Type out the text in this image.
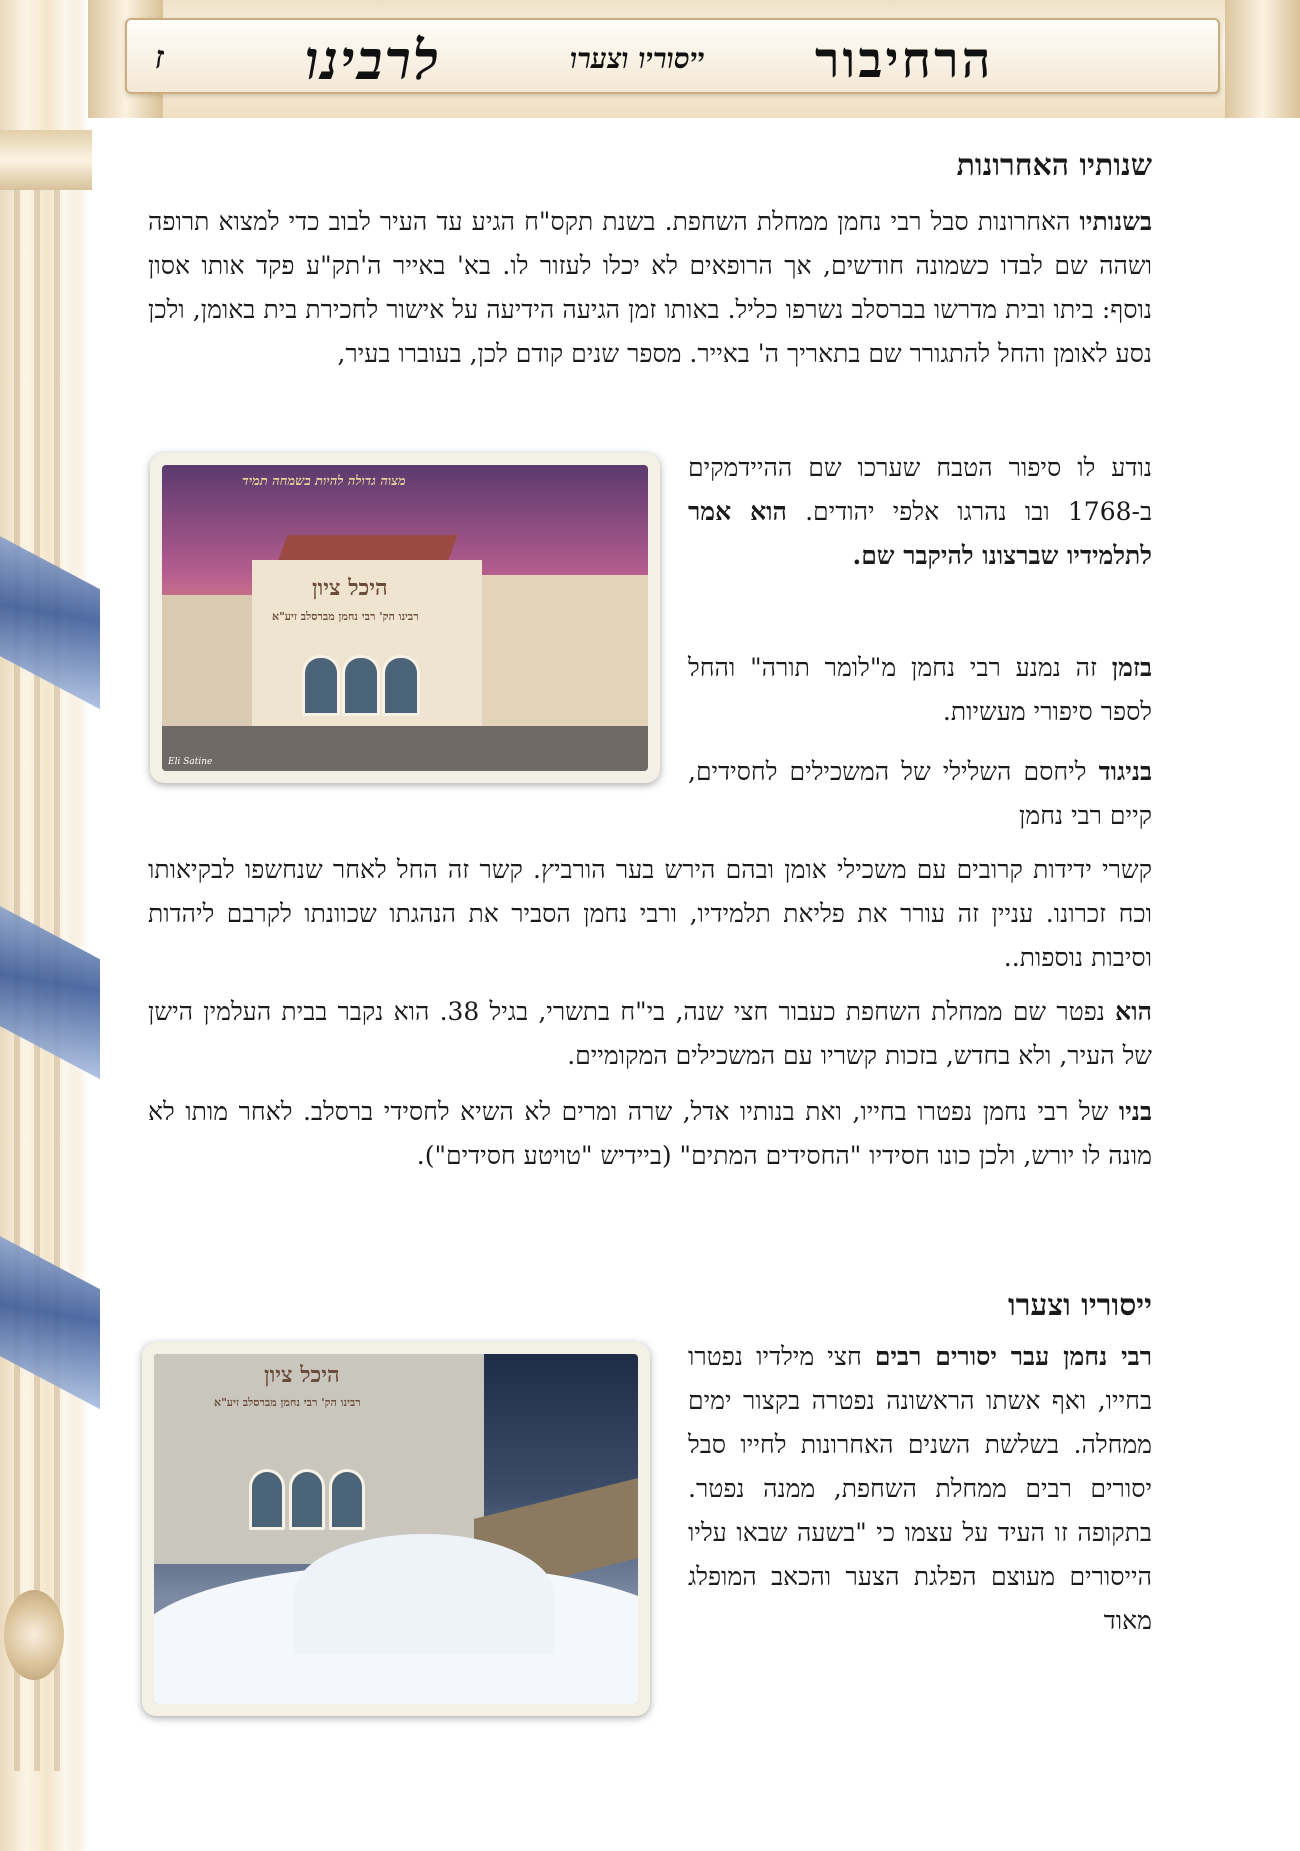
ז	לרבינו	ייסוריו וצערו הרחיבור
שנותיו האחרונות
בשנותיו האחרונות סבל רבי נחמן ממחלת השחפת. בשנת תקס"ח הגיע עד העיר לבוב כדי למצוא תרופה ושהה שם לבדו כשמונה חודשים, אך הרופאים לא יכלו לעזור לו. בא' באייר ה'תק"ע פקד אותו אסון נוסף: ביתו ובית מדרשו בברסלב נשרפו כליל. באותו זמן הגיעה הידיעה על אישור לחכירת בית באומן, ולכן נסע לאומן והחל להתגורר שם בתאריך ה' באייר. מספר שנים קודם לכן, בעוברו בעיר,
נודע לו סיפור הטבח שערכו שם ההיידמקים ב-1768 ובו נהרגו אלפי יהודים. הוא אמר לתלמידיו שברצונו להיקבר שם.
בזמן זה נמנע רבי נחמן מ"לומר תורה" והחל לספר סיפורי מעשיות.
בניגוד ליחסם השלילי של המשכילים לחסידים, קיים רבי נחמן
קשרי ידידות קרובים עם משכילי אומן ובהם הירש בער הורביץ. קשר זה החל לאחר שנחשפו לבקיאותו וכח זכרונו. עניין זה עורר את פליאת תלמידיו, ורבי נחמן הסביר את הנהגתו שכוונתו לקרבם ליהדות וסיבות נוספות..
הוא נפטר שם ממחלת השחפת כעבור חצי שנה, בי"ח בתשרי, בגיל 38. הוא נקבר בבית העלמין הישן של העיר, ולא בחדש, בזכות קשריו עם המשכילים המקומיים.
בניו של רבי נחמן נפטרו בחייו, ואת בנותיו אדל, שרה ומרים לא השיא לחסידי ברסלב. לאחר מותו לא מונה לו יורש, ולכן כונו חסידיו "החסידים המתים" (ביידיש "טויטע חסידים").
מצוה גדולה להיות בשמחה תמיד
היכל ציון
רבינו הק' רבי נחמן מברסלב זיע"א
Eli Satine
ייסוריו וצערו
רבי נחמן עבר יסורים רבים חצי מילדיו נפטרו בחייו, ואף אשתו הראשונה נפטרה בקצור ימים ממחלה. בשלשת השנים האחרונות לחייו סבל יסורים רבים ממחלת השחפת, ממנה נפטר. בתקופה זו העיד על עצמו כי "בשעה שבאו עליו הייסורים מעוצם הפלגת הצער והכאב המופלג מאוד
היכל ציון
רבינו הק' רבי נחמן מברסלב זיע"א
